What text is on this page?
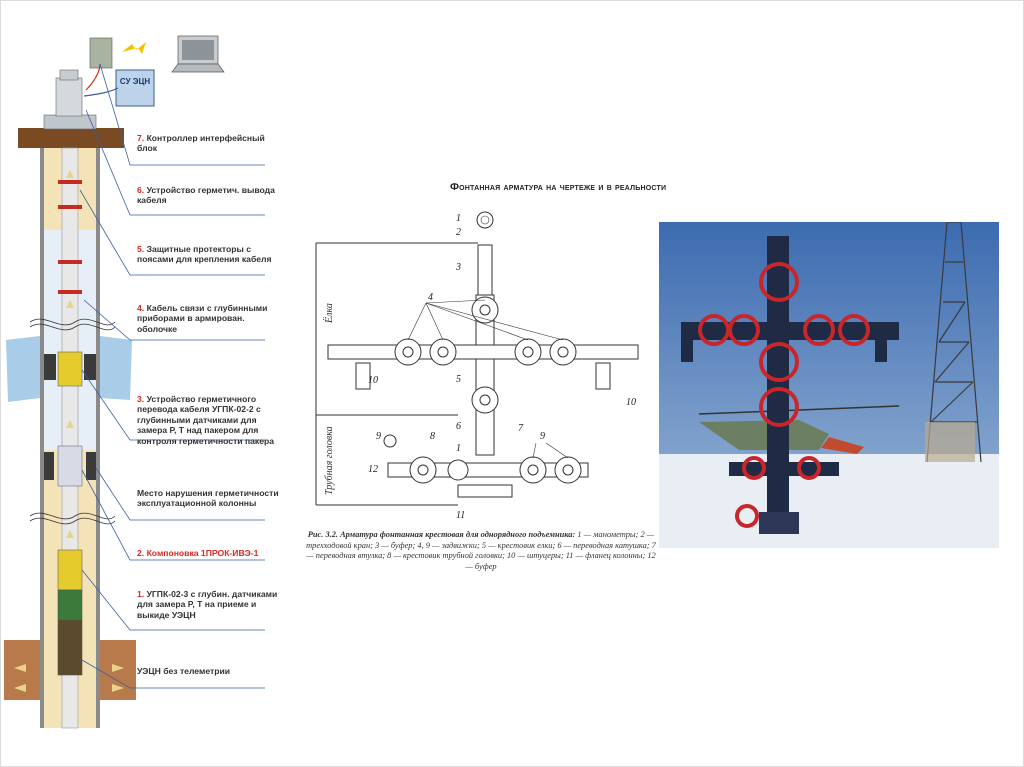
СУ ЭЦН
7. Контроллер интерфейсный блок
6. Устройство герметич. вывода кабеля
5. Защитные протекторы с поясами для крепления кабеля
4. Кабель связи с глубинными приборами в армирован. оболочке
3. Устройство герметичного перевода кабеля УГПК-02-2 с глубинными датчиками для замера Р, Т над пакером для контроля герметичности пакера
Место нарушения герметичности эксплуатационной колонны
2. Компоновка 1ПРОК-ИВЭ-1
1. УГПК-02-3 с глубин. датчиками для замера Р, Т на приеме и выкиде УЭЦН
УЭЦН без телеметрии
Фонтанная арматура на чертеже и в реальности
Ёлка
Трубная головка
1
2
3
4
5
10
10
6	7
8	9
9
1
12
11
Рис. 3.2. Арматура фонтанная крестовая для однорядного подъемника: 1 — манометры; 2 — трехходовой кран; 3 — буфер; 4, 9 — задвижки; 5 — крестовик елки; 6 — переводная катушка; 7 — переводная втулка; 8 — крестовик трубной головки; 10 — штуцеры; 11 — фланец колонны; 12 — буфер
